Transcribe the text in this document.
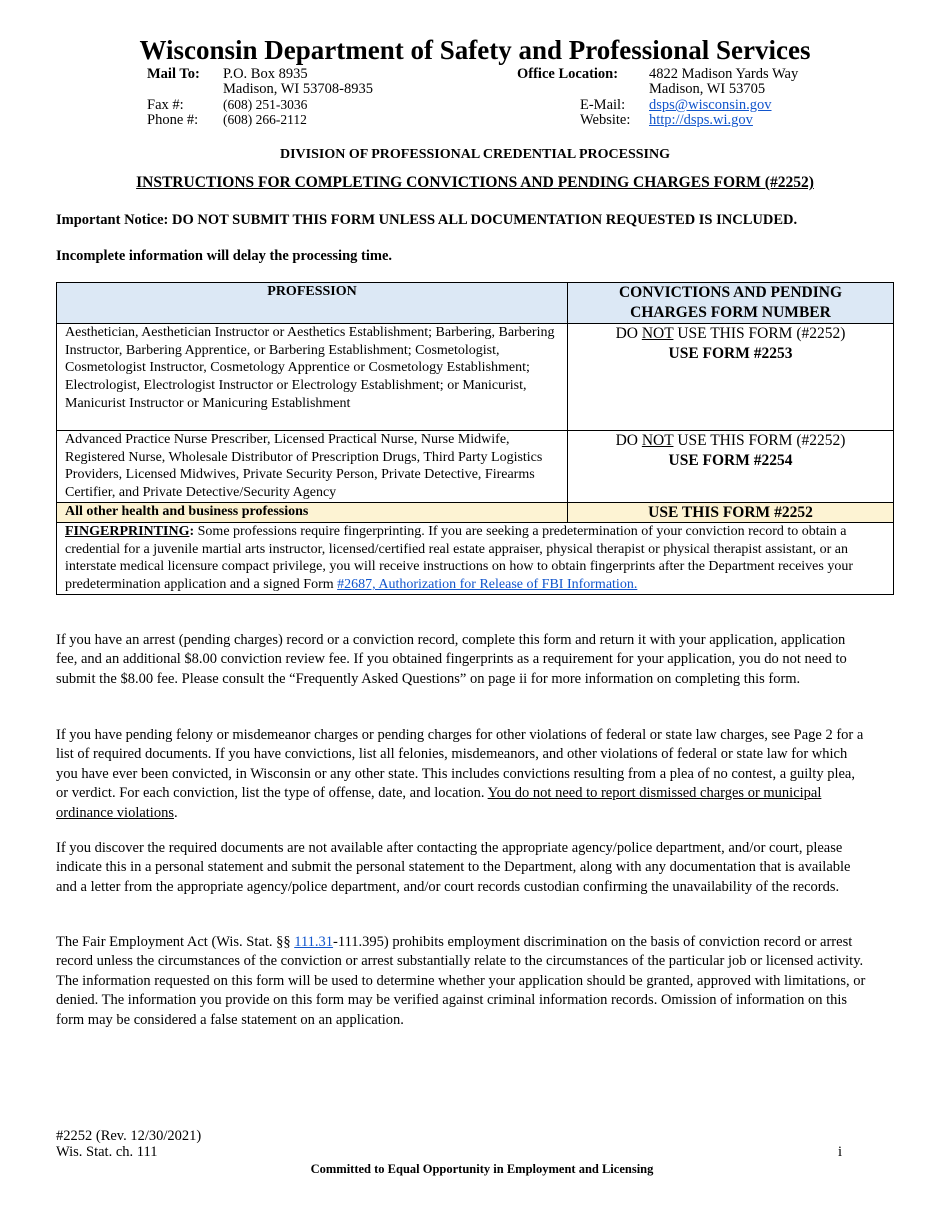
Wisconsin Department of Safety and Professional Services
Mail To: P.O. Box 8935
Madison, WI 53708-8935
Fax #:	(608) 251-3036
Phone #: (608) 266-2112
Office Location: 4822 Madison Yards Way
Madison, WI 53705
E-Mail: dsps@wisconsin.gov
Website: http://dsps.wi.gov
DIVISION OF PROFESSIONAL CREDENTIAL PROCESSING
INSTRUCTIONS FOR COMPLETING CONVICTIONS AND PENDING CHARGES FORM (#2252)
Important Notice: DO NOT SUBMIT THIS FORM UNLESS ALL DOCUMENTATION REQUESTED IS INCLUDED.
Incomplete information will delay the processing time.
PROFESSION	CONVICTIONS AND PENDING
CHARGES FORM NUMBER

Aesthetician, Aesthetician Instructor or Aesthetics Establishment; Barbering, Barbering Instructor, Barbering Apprentice, or Barbering Establishment; Cosmetologist, Cosmetologist Instructor, Cosmetology Apprentice or Cosmetology Establishment; Electrologist, Electrologist Instructor or Electrology Establishment; or Manicurist, Manicurist Instructor or Manicuring Establishment	DO NOT USE THIS FORM (#2252)
USE FORM #2253

Advanced Practice Nurse Prescriber, Licensed Practical Nurse, Nurse Midwife, Registered Nurse, Wholesale Distributor of Prescription Drugs, Third Party Logistics Providers, Licensed Midwives, Private Security Person, Private Detective, Firearms Certifier, and Private Detective/Security Agency	DO NOT USE THIS FORM (#2252)
USE FORM #2254

All other health and business professions	USE THIS FORM #2252
FINGERPRINTING: Some professions require fingerprinting. If you are seeking a predetermination of your conviction record to obtain a credential for a juvenile martial arts instructor, licensed/certified real estate appraiser, physical therapist or physical therapist assistant, or an interstate medical licensure compact privilege, you will receive instructions on how to obtain fingerprints after the Department receives your predetermination application and a signed Form #2687, Authorization for Release of FBI Information.	
If you have an arrest (pending charges) record or a conviction record, complete this form and return it with your application, application fee, and an additional $8.00 conviction review fee. If you obtained fingerprints as a requirement for your application, you do not need to submit the $8.00 fee. Please consult the “Frequently Asked Questions” on page ii for more information on completing this form.
If you have pending felony or misdemeanor charges or pending charges for other violations of federal or state law charges, see Page 2 for a list of required documents. If you have convictions, list all felonies, misdemeanors, and other violations of federal or state law for which you have ever been convicted, in Wisconsin or any other state. This includes convictions resulting from a plea of no contest, a guilty plea, or verdict. For each conviction, list the type of offense, date, and location. You do not need to report dismissed charges or municipal ordinance violations.
If you discover the required documents are not available after contacting the appropriate agency/police department, and/or court, please indicate this in a personal statement and submit the personal statement to the Department, along with any documentation that is available and a letter from the appropriate agency/police department, and/or court records custodian confirming the unavailability of the records.
The Fair Employment Act (Wis. Stat. §§ 111.31-111.395) prohibits employment discrimination on the basis of conviction record or arrest record unless the circumstances of the conviction or arrest substantially relate to the circumstances of the particular job or licensed activity. The information requested on this form will be used to determine whether your application should be granted, approved with limitations, or denied. The information you provide on this form may be verified against criminal information records. Omission of information on this form may be considered a false statement on an application.
#2252 (Rev. 12/30/2021)
Wis. Stat. ch. 111	i
Committed to Equal Opportunity in Employment and Licensing
